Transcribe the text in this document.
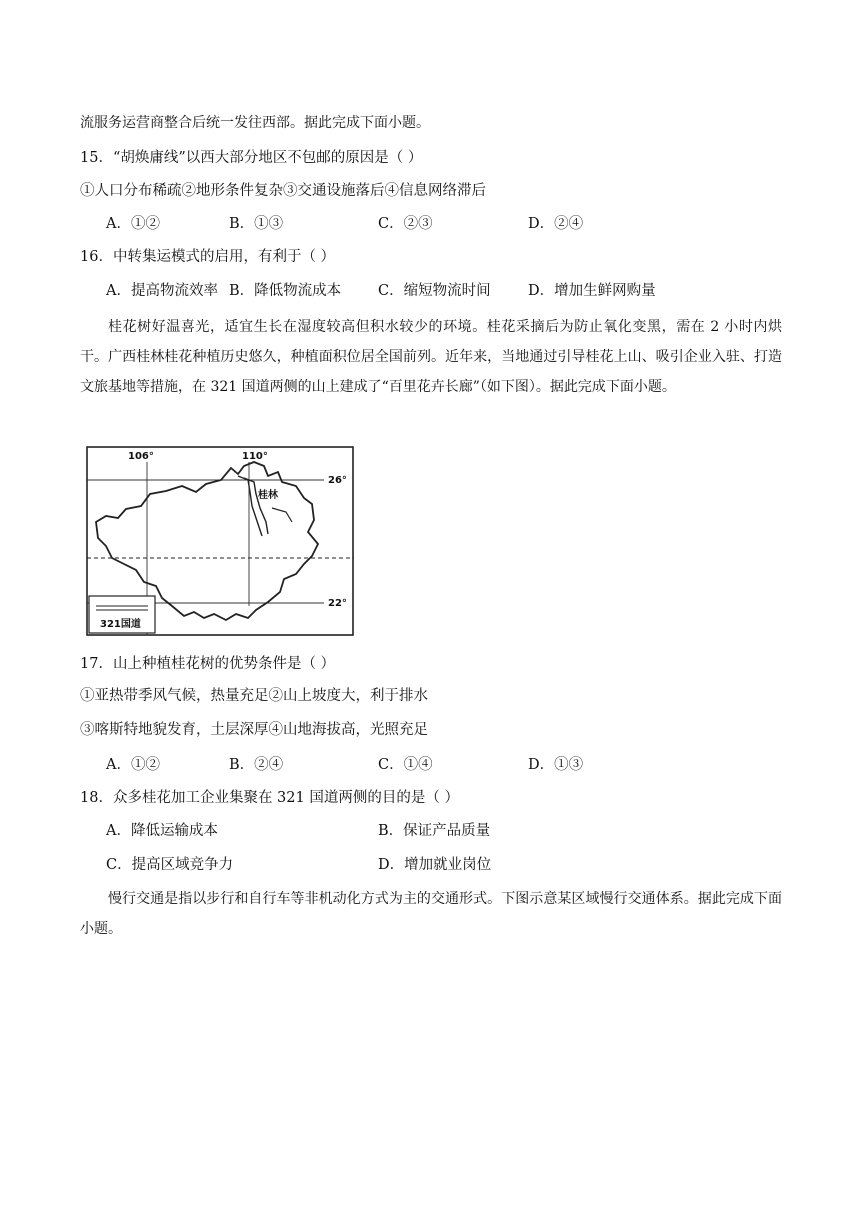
流服务运营商整合后统一发往西部。据此完成下面小题。
15．“胡焕庸线”以西大部分地区不包邮的原因是（ ）
①人口分布稀疏②地形条件复杂③交通设施落后④信息网络滞后
A．①②	B．①③	C．②③	D．②④
16．中转集运模式的启用，有利于（ ）
A．提高物流效率 B．降低物流成本	C．缩短物流时间	D．增加生鲜网购量
桂花树好温喜光，适宜生长在湿度较高但积水较少的环境。桂花采摘后为防止氧化变黑，需在 2 小时内烘干。广西桂林桂花种植历史悠久，种植面积位居全国前列。近年来，当地通过引导桂花上山、吸引企业入驻、打造文旅基地等措施，在 321 国道两侧的山上建成了“百里花卉长廊”（如下图）。据此完成下面小题。
106°	110°
26°
22°
桂林
321国道
17．山上种植桂花树的优势条件是（ ）
①亚热带季风气候，热量充足②山上坡度大，利于排水
③喀斯特地貌发育，土层深厚④山地海拔高，光照充足
A．①②	B．②④	C．①④	D．①③
18．众多桂花加工企业集聚在 321 国道两侧的目的是（ ）
A．降低运输成本	B．保证产品质量
C．提高区域竞争力	D．增加就业岗位
慢行交通是指以步行和自行车等非机动化方式为主的交通形式。下图示意某区域慢行交通体系。据此完成下面小题。
